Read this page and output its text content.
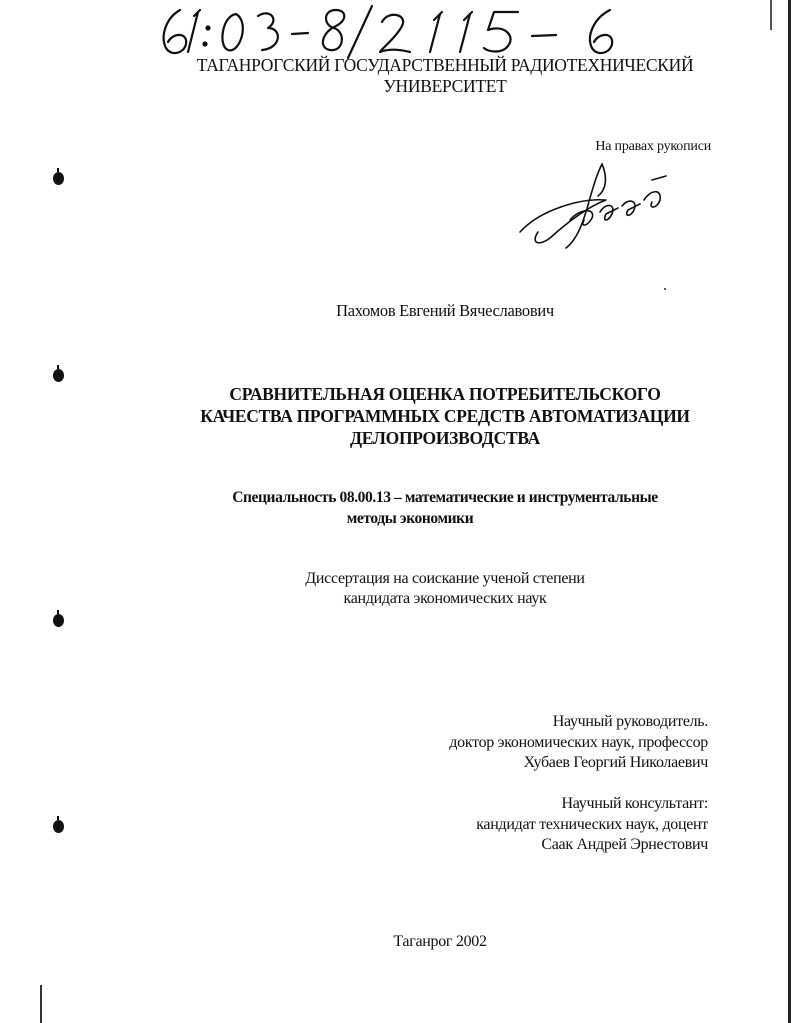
ТАГАНРОГСКИЙ ГОСУДАРСТВЕННЫЙ РАДИОТЕХНИЧЕСКИЙ
УНИВЕРСИТЕТ
На правах рукописи
Пахомов Евгений Вячеславович
СРАВНИТЕЛЬНАЯ ОЦЕНКА ПОТРЕБИТЕЛЬСКОГО
КАЧЕСТВА ПРОГРАММНЫХ СРЕДСТВ АВТОМАТИЗАЦИИ
ДЕЛОПРОИЗВОДСТВА
Специальность 08.00.13 – математические и инструментальные
методы экономики
Диссертация на соискание ученой степени
кандидата экономических наук
Научный руководитель.
доктор экономических наук, профессор
Хубаев Георгий Николаевич
Научный консультант:
кандидат технических наук, доцент
Саак Андрей Эрнестович
Таганрог 2002
